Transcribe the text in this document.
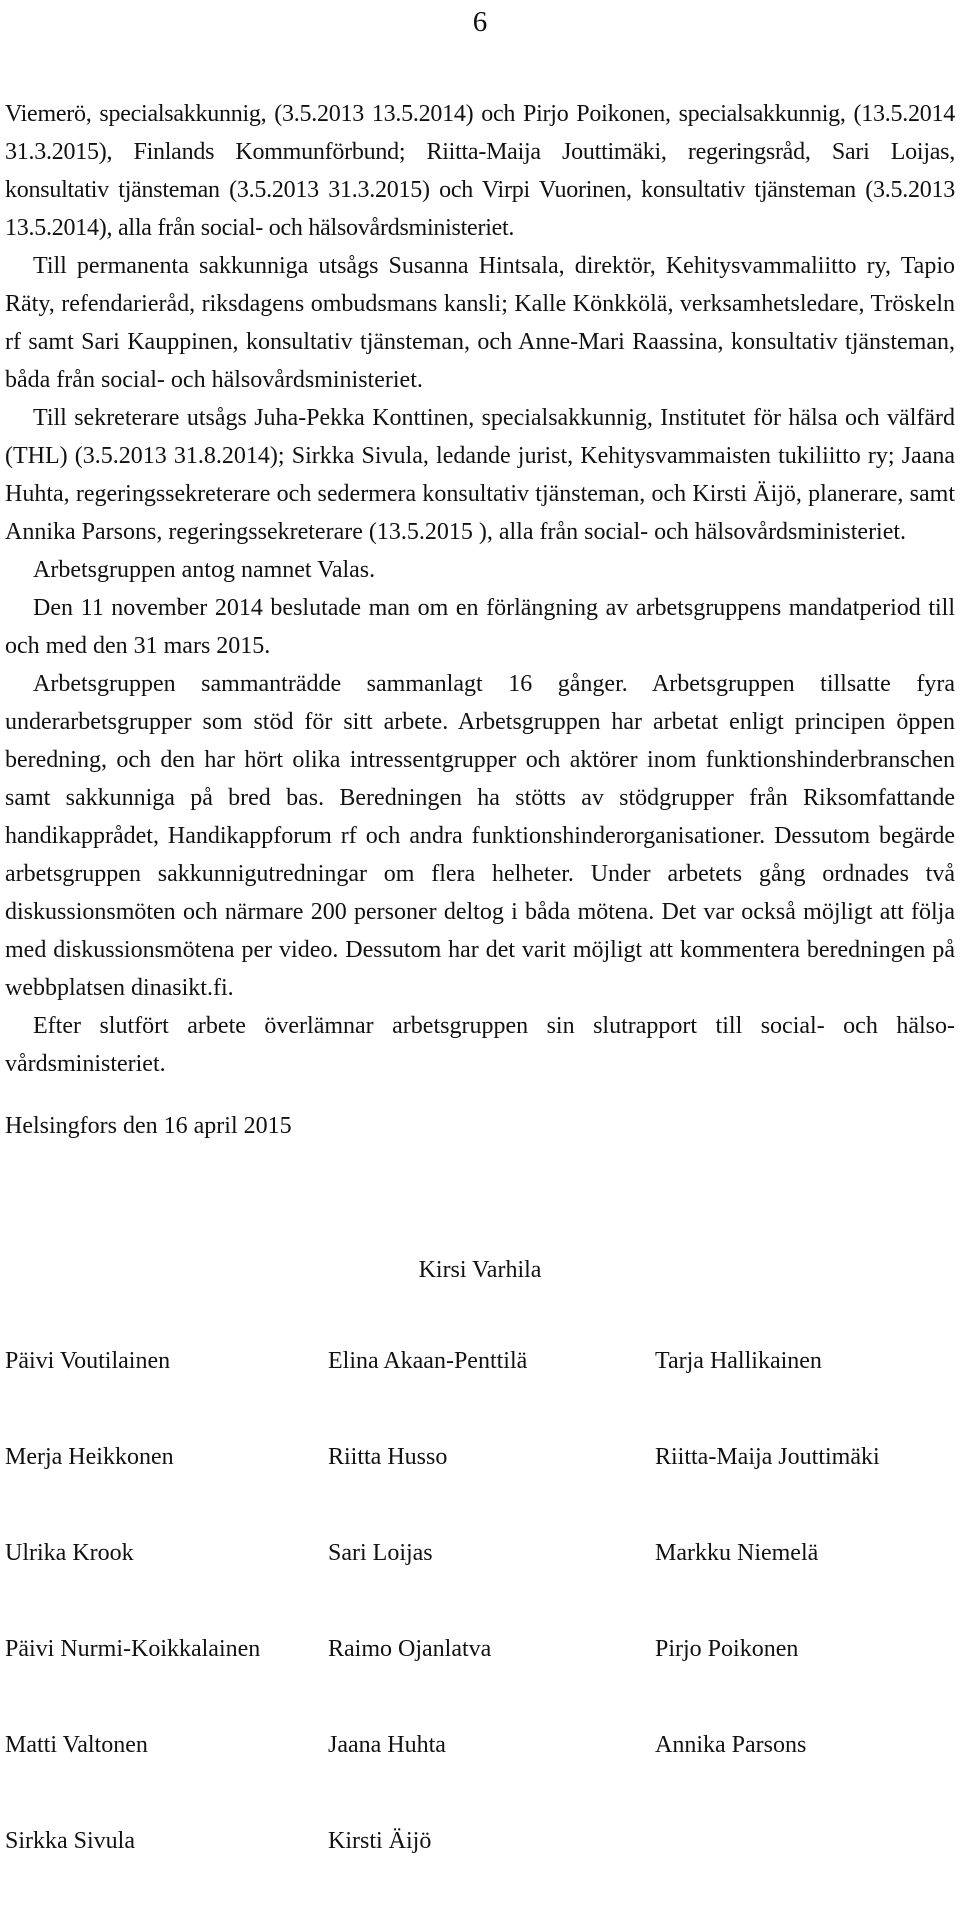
6

Viemerö, specialsakkunnig, (3.5.2013 13.5.2014) och Pirjo Poikonen, specialsakkunnig, (13.5.2014 31.3.2015), Finlands Kommunförbund; Riitta-Maija Jouttimäki, regeringsråd, Sari Loijas, konsultativ tjänsteman (3.5.2013 31.3.2015) och Virpi Vuorinen, konsultativ tjänsteman (3.5.2013 13.5.2014), alla från social- och hälsovårdsministeriet.

Till permanenta sakkunniga utsågs Susanna Hintsala, direktör, Kehitysvammaliitto ry, Tapio Räty, refendarieråd, riksdagens ombudsmans kansli; Kalle Könkkölä, verksamhetsledare, Tröskeln rf samt Sari Kauppinen, konsultativ tjänsteman, och Anne-Mari Raassina, konsultativ tjänsteman, båda från social- och hälsovårdsministeriet.

Till sekreterare utsågs Juha-Pekka Konttinen, specialsakkunnig, Institutet för hälsa och välfärd (THL) (3.5.2013 31.8.2014); Sirkka Sivula, ledande jurist, Kehitysvammaisten tukiliitto ry; Jaana Huhta, regeringssekreterare och sedermera konsultativ tjänsteman, och Kirsti Äijö, planerare, samt Annika Parsons, regeringssekreterare (13.5.2015 ), alla från social- och hälsovårdsministeriet.

Arbetsgruppen antog namnet Valas.

Den 11 november 2014 beslutade man om en förlängning av arbetsgruppens mandatperiod till och med den 31 mars 2015.

Arbetsgruppen sammanträdde sammanlagt 16 gånger. Arbetsgruppen tillsatte fyra underarbetsgrupper som stöd för sitt arbete. Arbetsgruppen har arbetat enligt principen öppen beredning, och den har hört olika intressentgrupper och aktörer inom funktionshinderbranschen samt sakkunniga på bred bas. Beredningen ha stötts av stödgrupper från Riksomfattande handikapprådet, Handikappforum rf och andra funktionshinderorganisationer. Dessutom begärde arbetsgruppen sakkunnigutredningar om flera helheter. Under arbetets gång ordnades två diskussionsmöten och närmare 200 personer deltog i båda mötena. Det var också möjligt att följa med diskussionsmötena per video. Dessutom har det varit möjligt att kommentera beredningen på webbplatsen dinasikt.fi.

Efter slutfört arbete överlämnar arbetsgruppen sin slutrapport till social- och hälsovårdsministeriet.

Helsingfors den 16 april 2015

Kirsi Varhila

Päivi Voutilainen	Elina Akaan-Penttilä	Tarja Hallikainen
Merja Heikkonen	Riitta Husso	Riitta-Maija Jouttimäki
Ulrika Krook	Sari Loijas	Markku Niemelä
Päivi Nurmi-Koikkalainen	Raimo Ojanlatva	Pirjo Poikonen
Matti Valtonen	Jaana Huhta	Annika Parsons
Sirkka Sivula	Kirsti Äijö
